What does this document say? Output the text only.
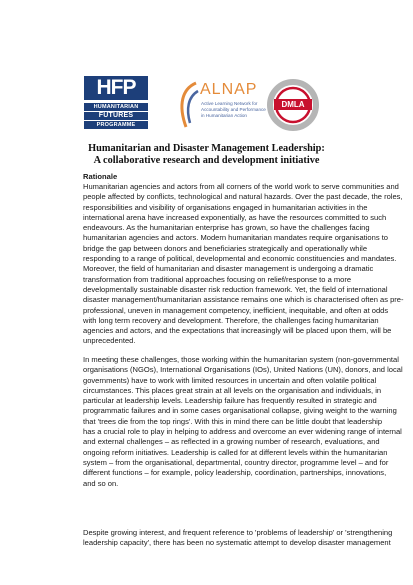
HFP
HUMANITARIAN
FUTURES
PROGRAMME
ALNAP
Active Learning Network for
Accountability and Performance
in Humanitarian Action
DMLA
Humanitarian and Disaster Management Leadership:
A collaborative research and development initiative
Rationale
Humanitarian agencies and actors from all corners of the world work to serve communities and
people affected by conflicts, technological and natural hazards. Over the past decade, the roles,
responsibilities and visibility of organisations engaged in humanitarian activities in the
international arena have increased exponentially, as have the resources committed to such
endeavours. As the humanitarian enterprise has grown, so have the challenges facing
humanitarian agencies and actors. Modern humanitarian mandates require organisations to
bridge the gap between donors and beneficiaries strategically and operationally while
responding to a range of political, developmental and economic constituencies and mandates.
Moreover, the field of humanitarian and disaster management is undergoing a dramatic
transformation from traditional approaches focusing on relief/response to a more
developmentally sustainable disaster risk reduction framework. Yet, the field of international
disaster management/humanitarian assistance remains one which is characterised often as pre-
professional, uneven in management competency, inefficient, inequitable, and often at odds
with long term recovery and development. Therefore, the challenges facing humanitarian
agencies and actors, and the expectations that increasingly will be placed upon them, will be
unprecedented.
In meeting these challenges, those working within the humanitarian system (non-governmental
organisations (NGOs), International Organisations (IOs), United Nations (UN), donors, and local
governments) have to work with limited resources in uncertain and often volatile political
circumstances. This places great strain at all levels on the organisation and individuals, in
particular at leadership levels. Leadership failure has frequently resulted in strategic and
programmatic failures and in some cases organisational collapse, giving weight to the warning
that 'trees die from the top rings'. With this in mind there can be little doubt that leadership
has a crucial role to play in helping to address and overcome an ever widening range of internal
and external challenges – as reflected in a growing number of research, evaluations, and
ongoing reform initiatives. Leadership is called for at different levels within the humanitarian
system – from the organisational, departmental, country director, programme level – and for
different functions – for example, policy leadership, coordination, partnerships, innovations,
and so on.
Despite growing interest, and frequent reference to 'problems of leadership' or 'strengthening
leadership capacity', there has been no systematic attempt to develop disaster management
